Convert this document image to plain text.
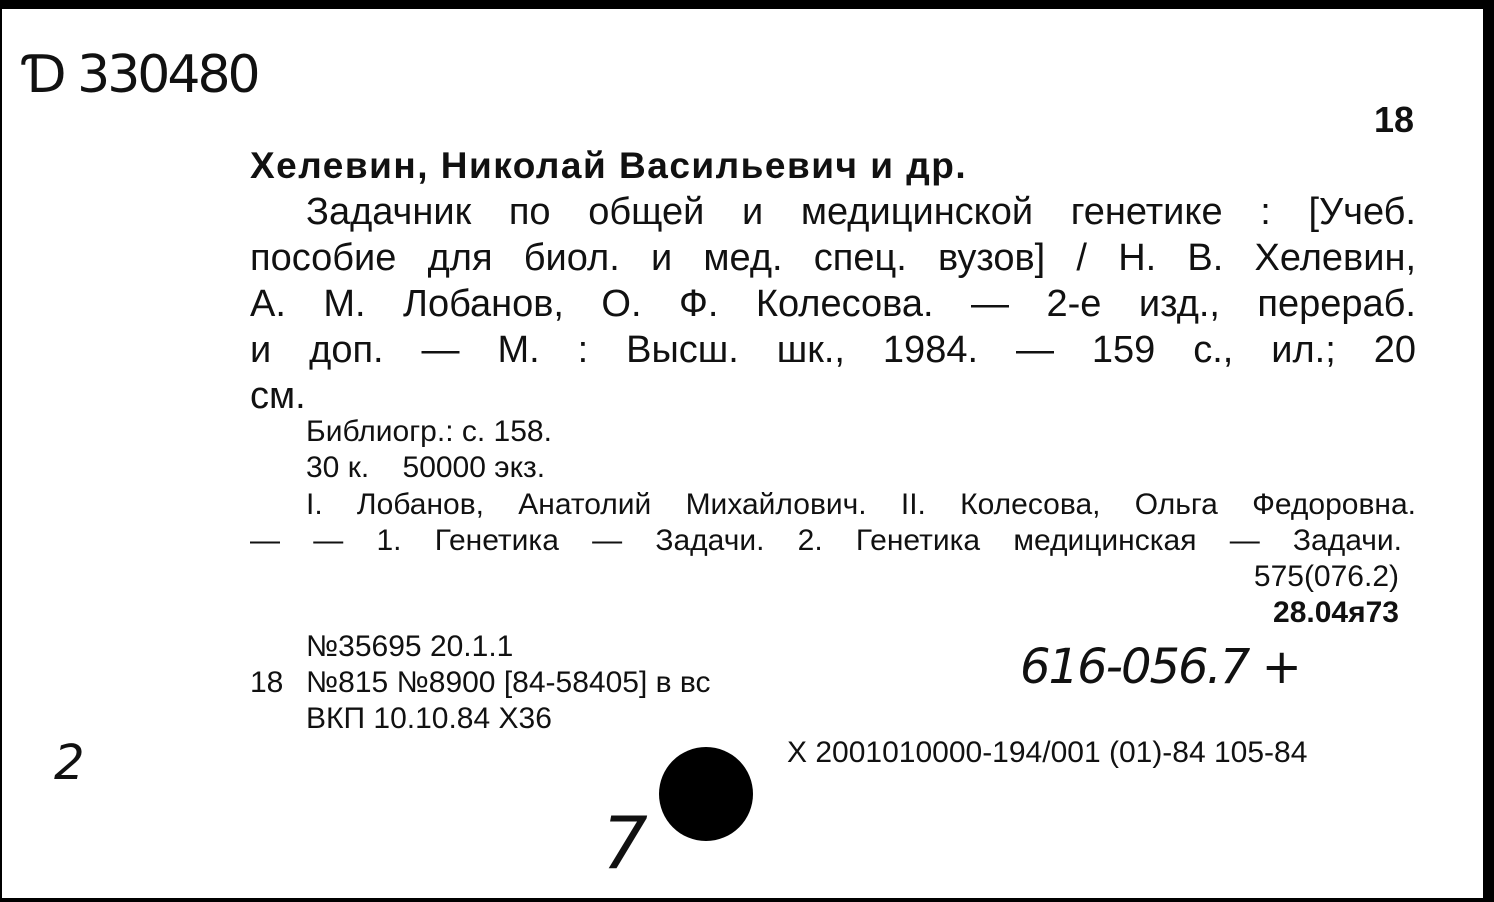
Ɗ 330480
18
Хелевин, Николай Васильевич и др.
Задачник по общей и медицинской генетике : [Учеб.
пособие для биол. и мед. спец. вузов] / Н. В. Хелевин,
А. М. Лобанов, О. Ф. Колесова. — 2-е изд., перераб.
и доп. — М. : Высш. шк., 1984. — 159 с., ил.; 20
см.
Библиогр.: с. 158.
30 к.    50000 экз.
I. Лобанов, Анатолий Михайлович. II. Колесова, Ольга Федоровна.
— — 1. Генетика — Задачи. 2. Генетика медицинская — Задачи.
575(076.2)
28.04я73
№35695 20.1.1
18 №815 №8900 [84-58405] в вс
ВКП 10.10.84 Х36
616-056.7 +
Х 2001010000-194/001 (01)-84 105-84
2
7
